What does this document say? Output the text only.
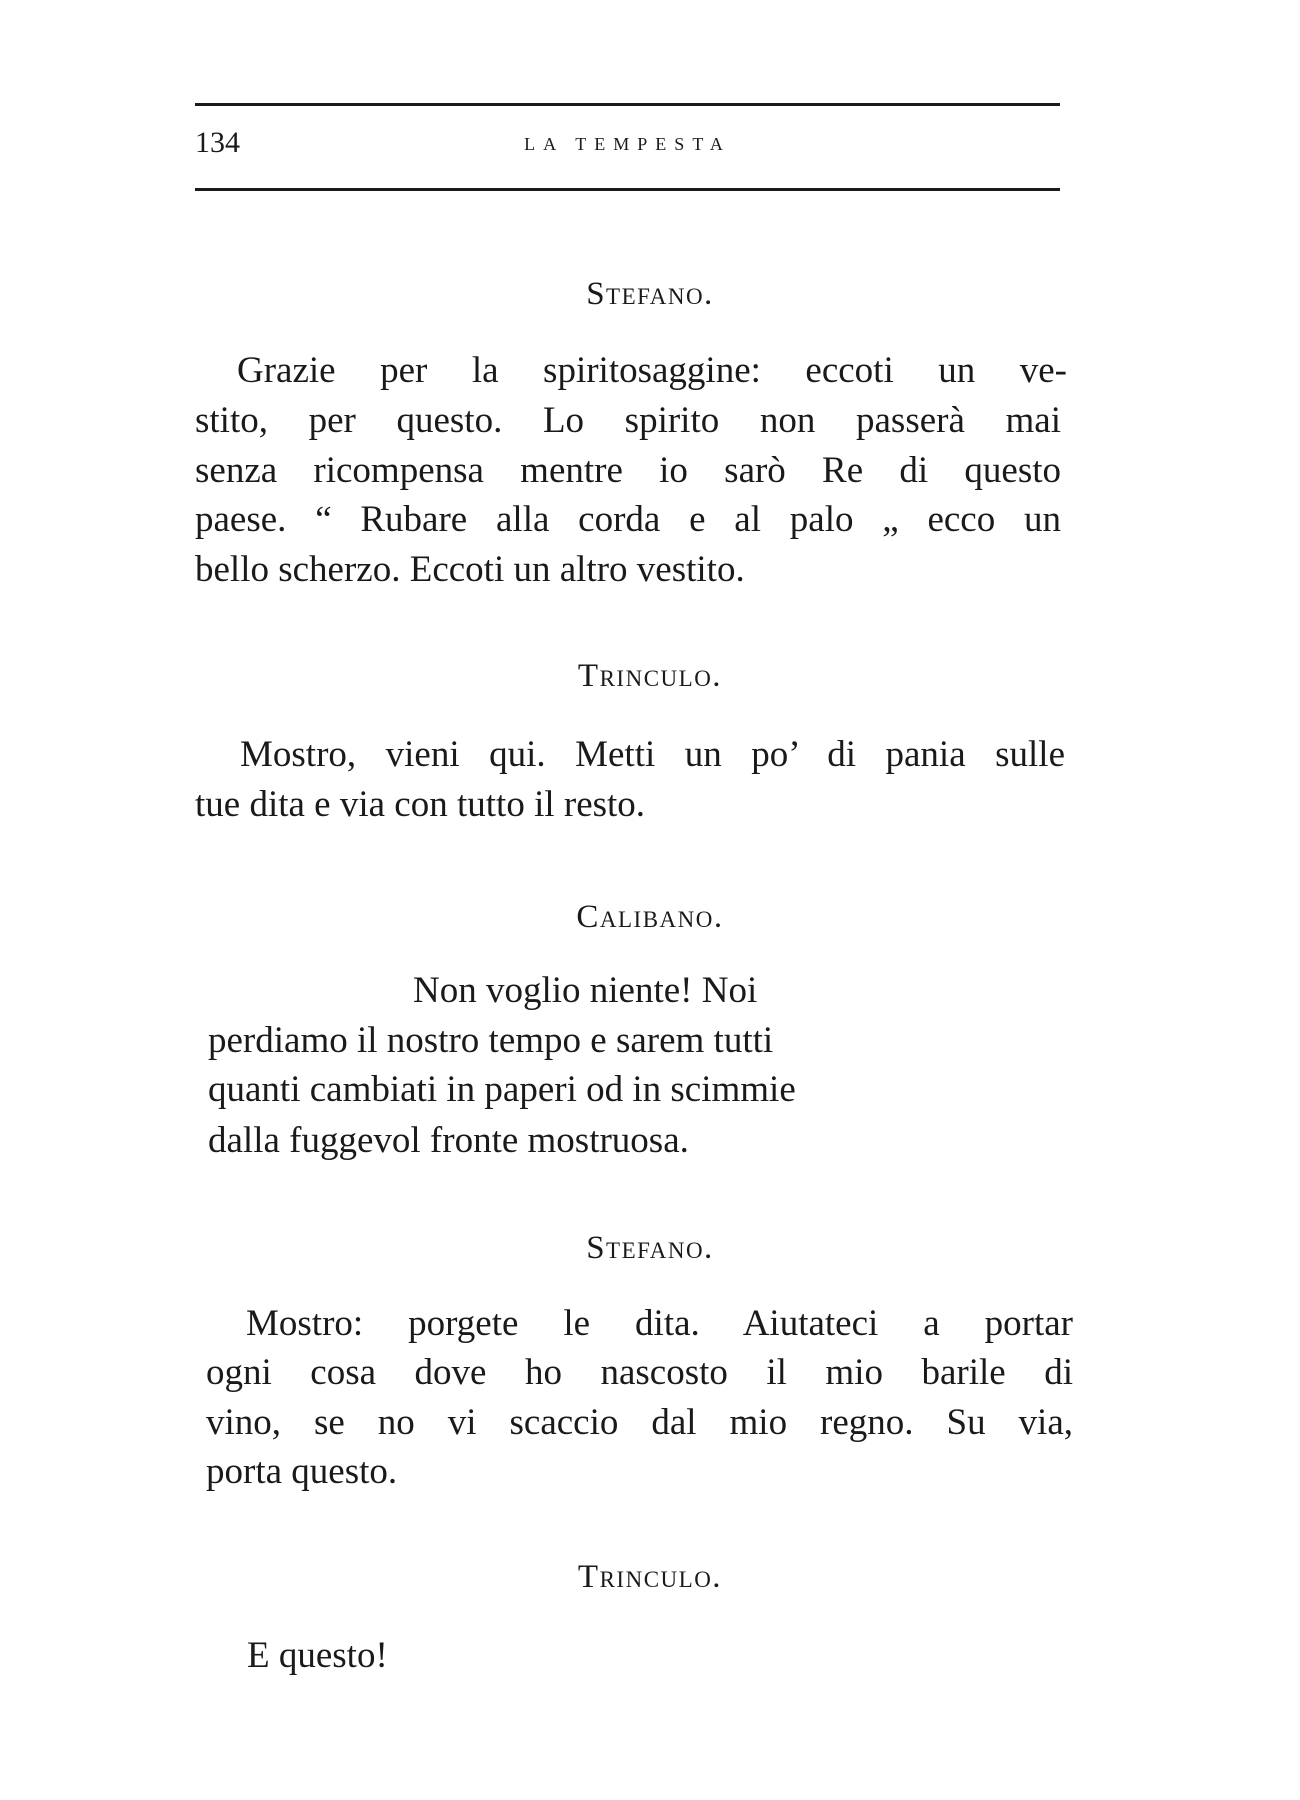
134	LA TEMPESTA
Stefano.
Grazie per la spiritosaggine: eccoti un ve-
stito, per questo. Lo spirito non passerà mai
senza ricompensa mentre io sarò Re di questo
paese. “ Rubare alla corda e al palo „ ecco un
bello scherzo. Eccoti un altro vestito.
Trinculo.
Mostro, vieni qui. Metti un po’ di pania sulle
tue dita e via con tutto il resto.
Calibano.
Non voglio niente! Noi
perdiamo il nostro tempo e sarem tutti
quanti cambiati in paperi od in scimmie
dalla fuggevol fronte mostruosa.
Stefano.
Mostro: porgete le dita. Aiutateci a portar
ogni cosa dove ho nascosto il mio barile di
vino, se no vi scaccio dal mio regno. Su via,
porta questo.
Trinculo.
E questo!
